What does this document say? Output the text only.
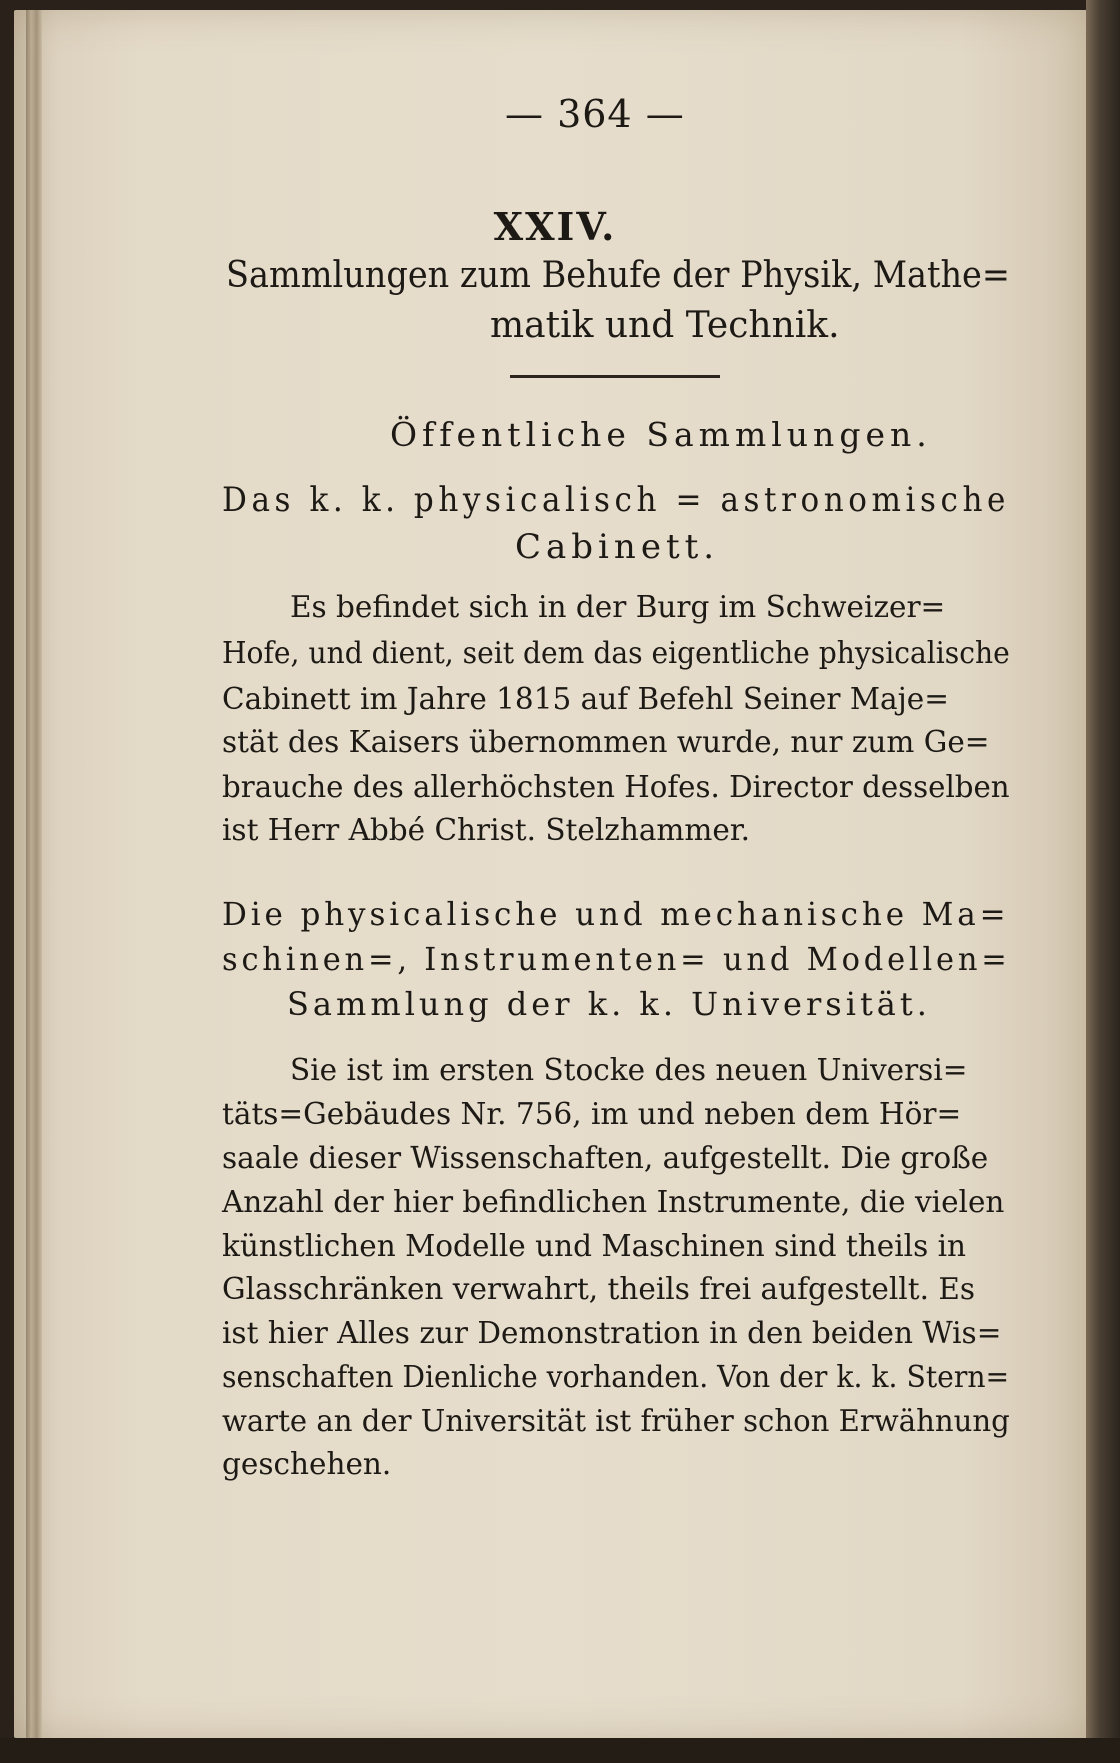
— 364 —
XXIV.
Sammlungen zum Behufe der Physik, Mathe=
matik und Technik.
Öffentliche Sammlungen.
Das k. k. physicalisch = astronomische
Cabinett.
Es befindet sich in der Burg im Schweizer=
Hofe, und dient, seit dem das eigentliche physicalische
Cabinett im Jahre 1815 auf Befehl Seiner Maje=
stät des Kaisers übernommen wurde, nur zum Ge=
brauche des allerhöchsten Hofes. Director desselben
ist Herr Abbé Christ. Stelzhammer.
Die physicalische und mechanische Ma=
schinen=, Instrumenten= und Modellen=
Sammlung der k. k. Universität.
Sie ist im ersten Stocke des neuen Universi=
täts=Gebäudes Nr. 756, im und neben dem Hör=
saale dieser Wissenschaften, aufgestellt. Die große
Anzahl der hier befindlichen Instrumente, die vielen
künstlichen Modelle und Maschinen sind theils in
Glasschränken verwahrt, theils frei aufgestellt. Es
ist hier Alles zur Demonstration in den beiden Wis=
senschaften Dienliche vorhanden. Von der k. k. Stern=
warte an der Universität ist früher schon Erwähnung
geschehen.
